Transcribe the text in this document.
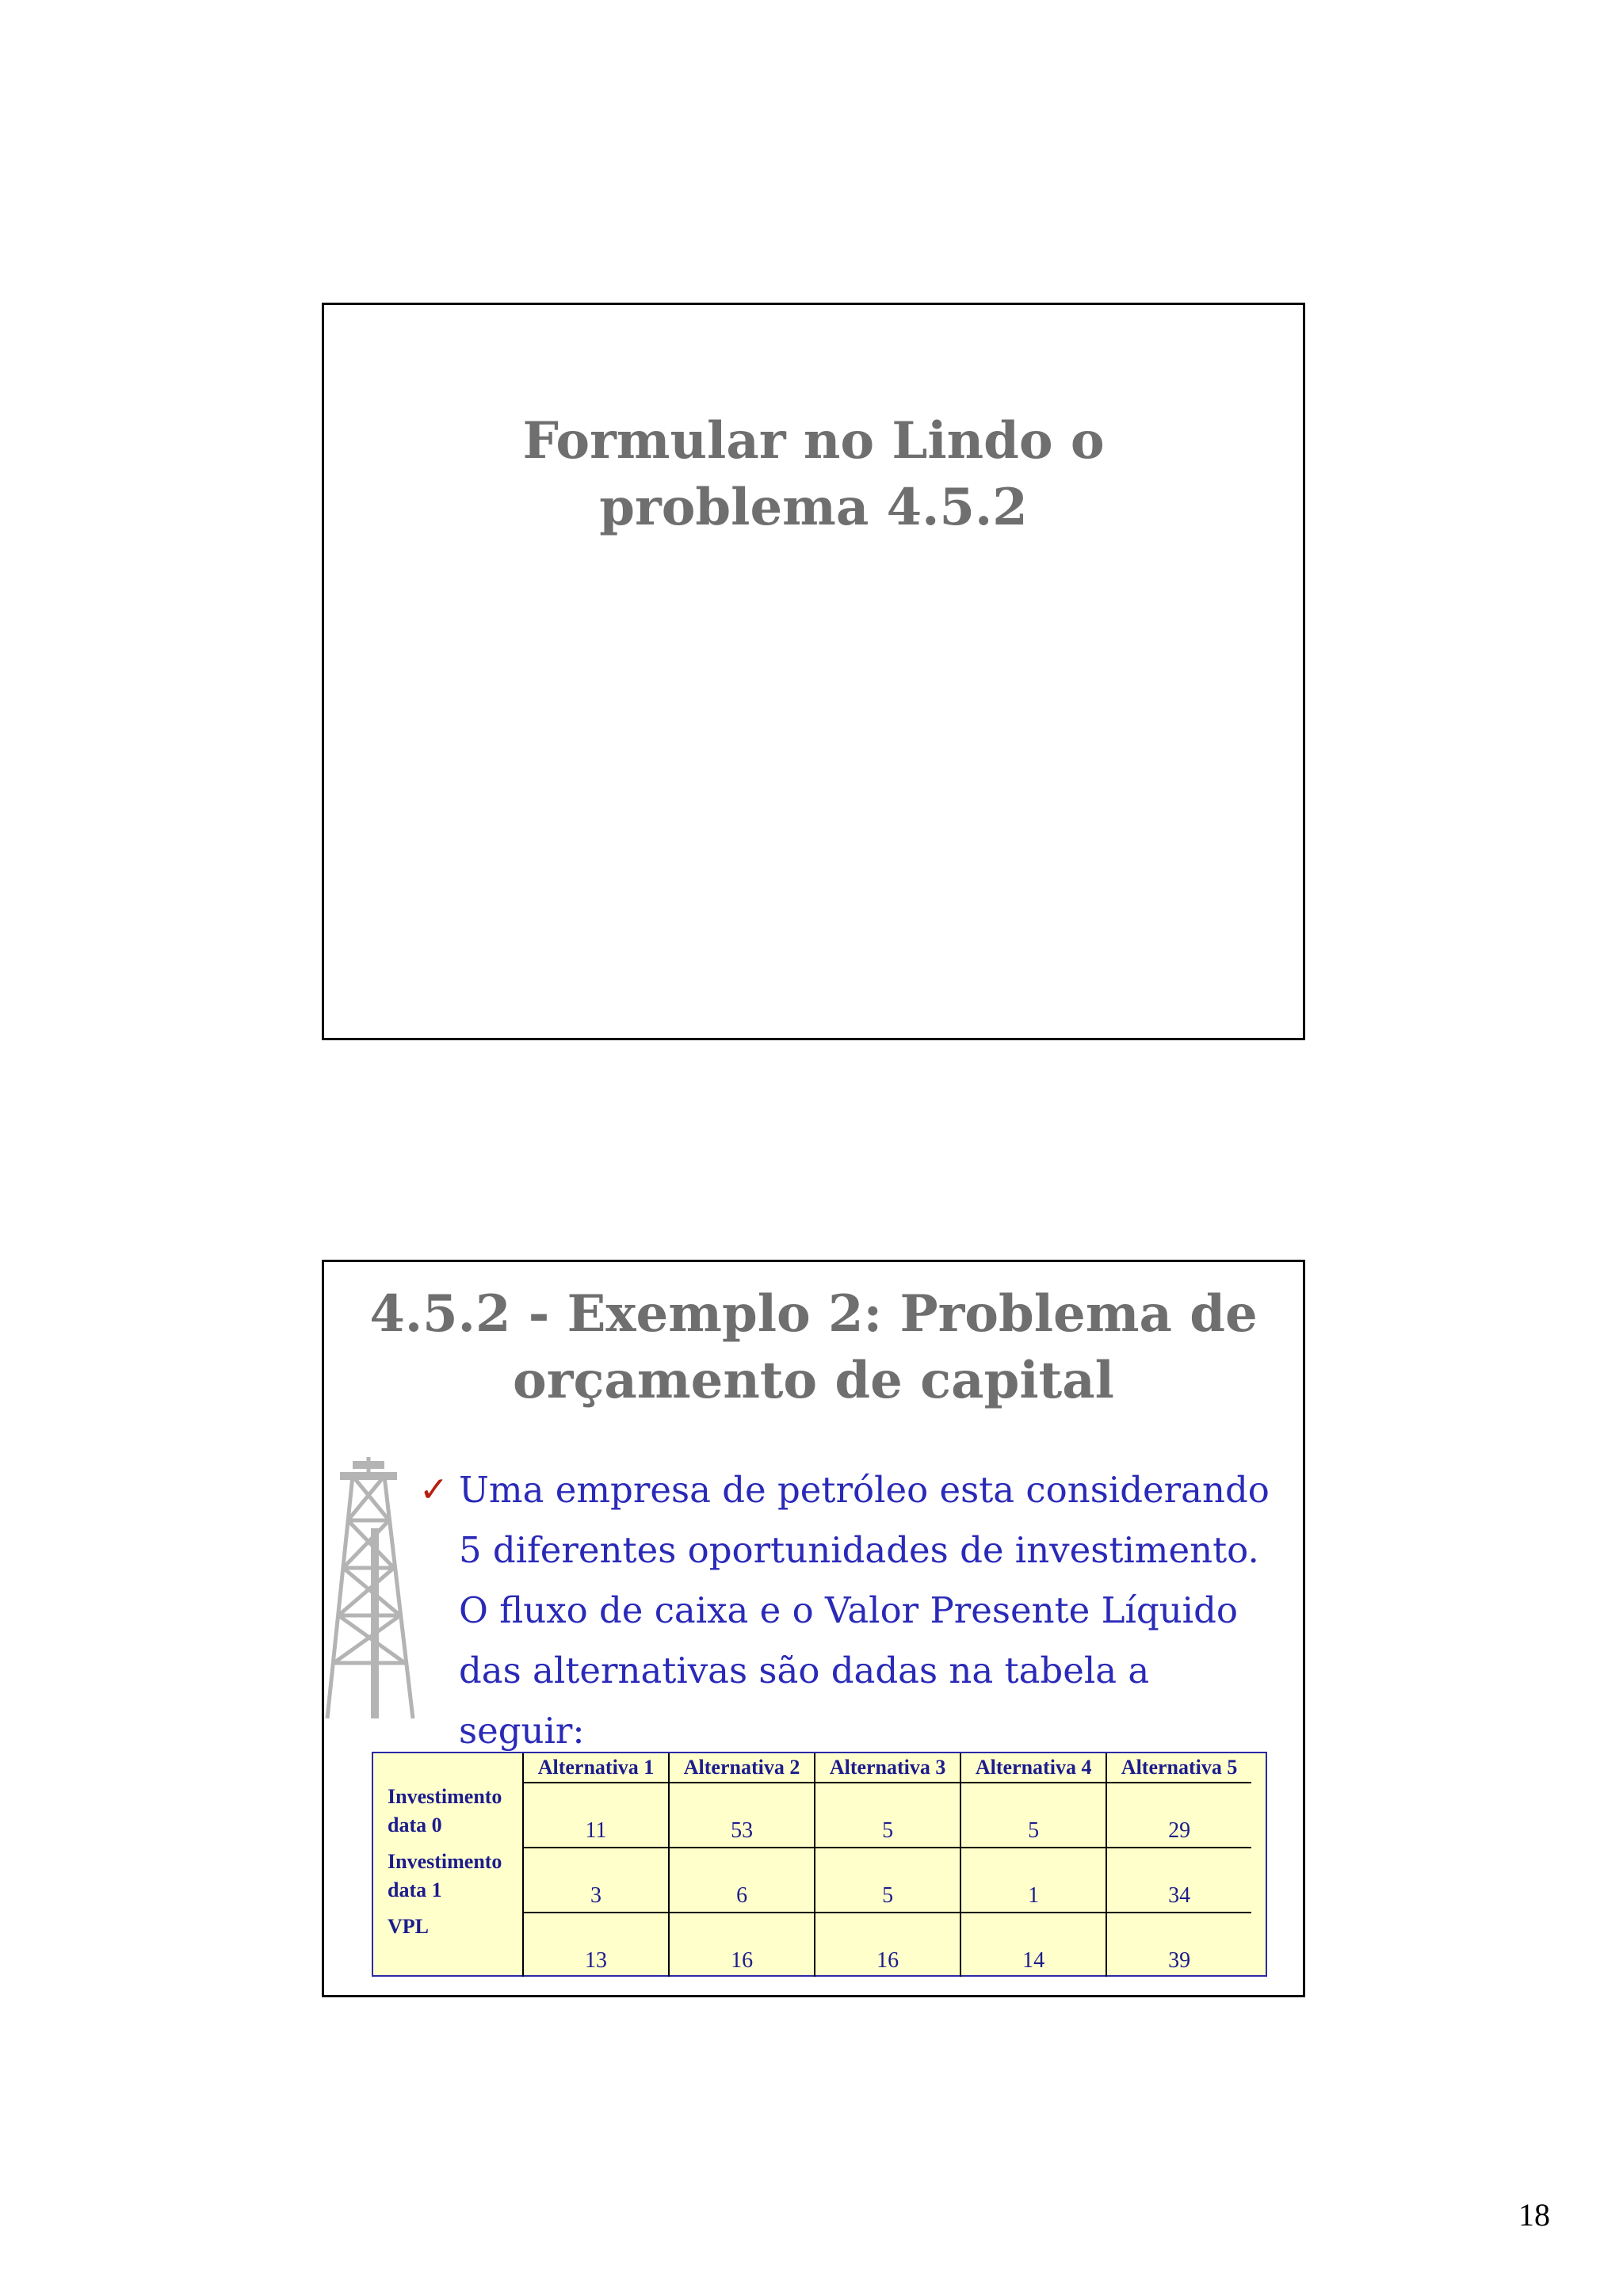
Formular no Lindo o
problema 4.5.2
4.5.2 - Exemplo 2: Problema de
orçamento de capital
✓ Uma empresa de petróleo esta considerando
5 diferentes oportunidades de investimento.
O fluxo de caixa e o Valor Presente Líquido
das alternativas são dadas na tabela a
seguir:
	Alternativa 1	Alternativa 2	Alternativa 3	Alternativa 4	Alternativa 5

Investimento
data 0	11	53	5	5	29

Investimento
data 1	3	6	5	1	34

VPL	13	16	16	14	39
18
